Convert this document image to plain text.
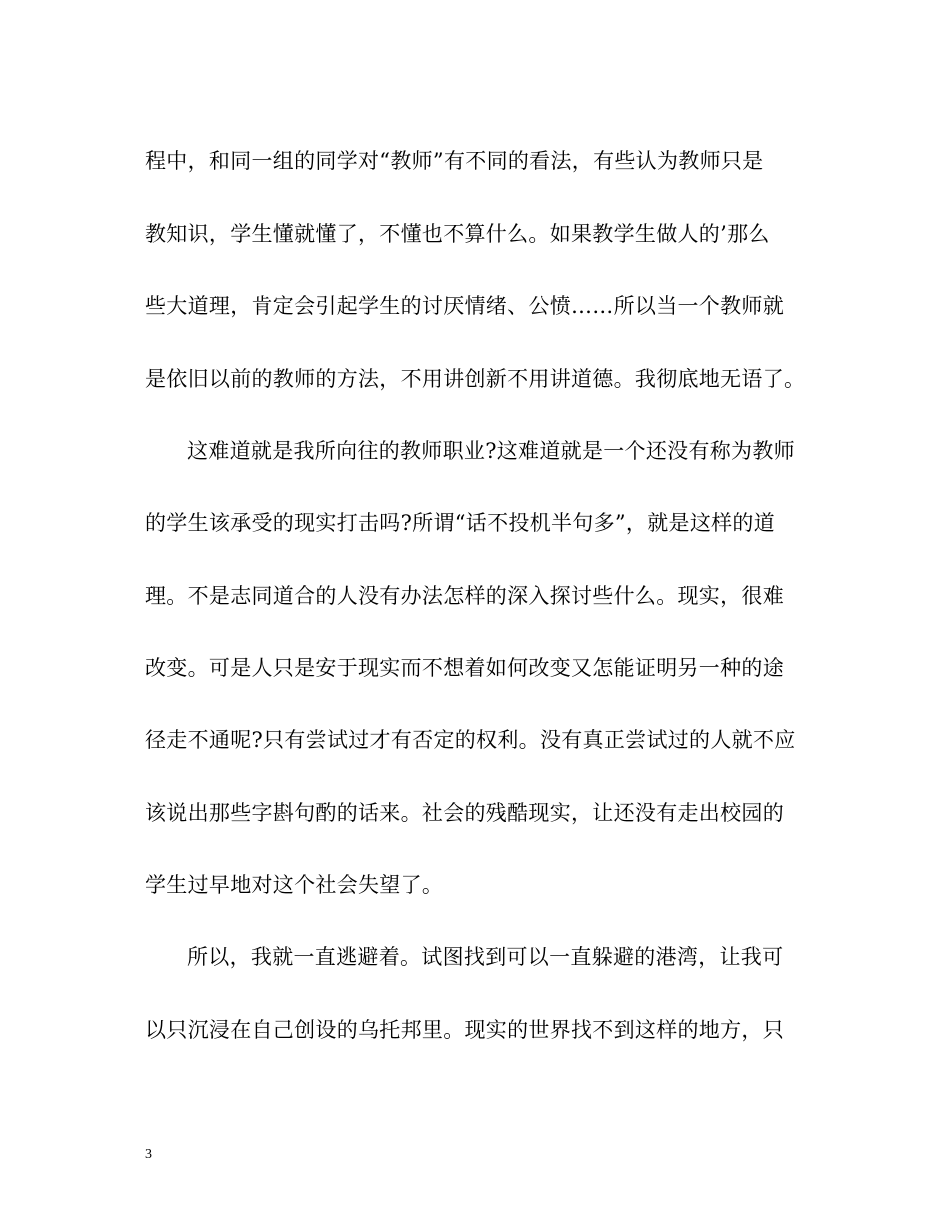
程中，和同一组的同学对“教师”有不同的看法，有些认为教师只是
教知识，学生懂就懂了，不懂也不算什么。如果教学生做人的’那么
些大道理，肯定会引起学生的讨厌情绪、公愤……所以当一个教师就
是依旧以前的教师的方法，不用讲创新不用讲道德。我彻底地无语了。
这难道就是我所向往的教师职业?这难道就是一个还没有称为教师
的学生该承受的现实打击吗?所谓“话不投机半句多”，就是这样的道
理。不是志同道合的人没有办法怎样的深入探讨些什么。现实，很难
改变。可是人只是安于现实而不想着如何改变又怎能证明另一种的途
径走不通呢?只有尝试过才有否定的权利。没有真正尝试过的人就不应
该说出那些字斟句酌的话来。社会的残酷现实，让还没有走出校园的
学生过早地对这个社会失望了。
所以，我就一直逃避着。试图找到可以一直躲避的港湾，让我可
以只沉浸在自己创设的乌托邦里。现实的世界找不到这样的地方，只
3
